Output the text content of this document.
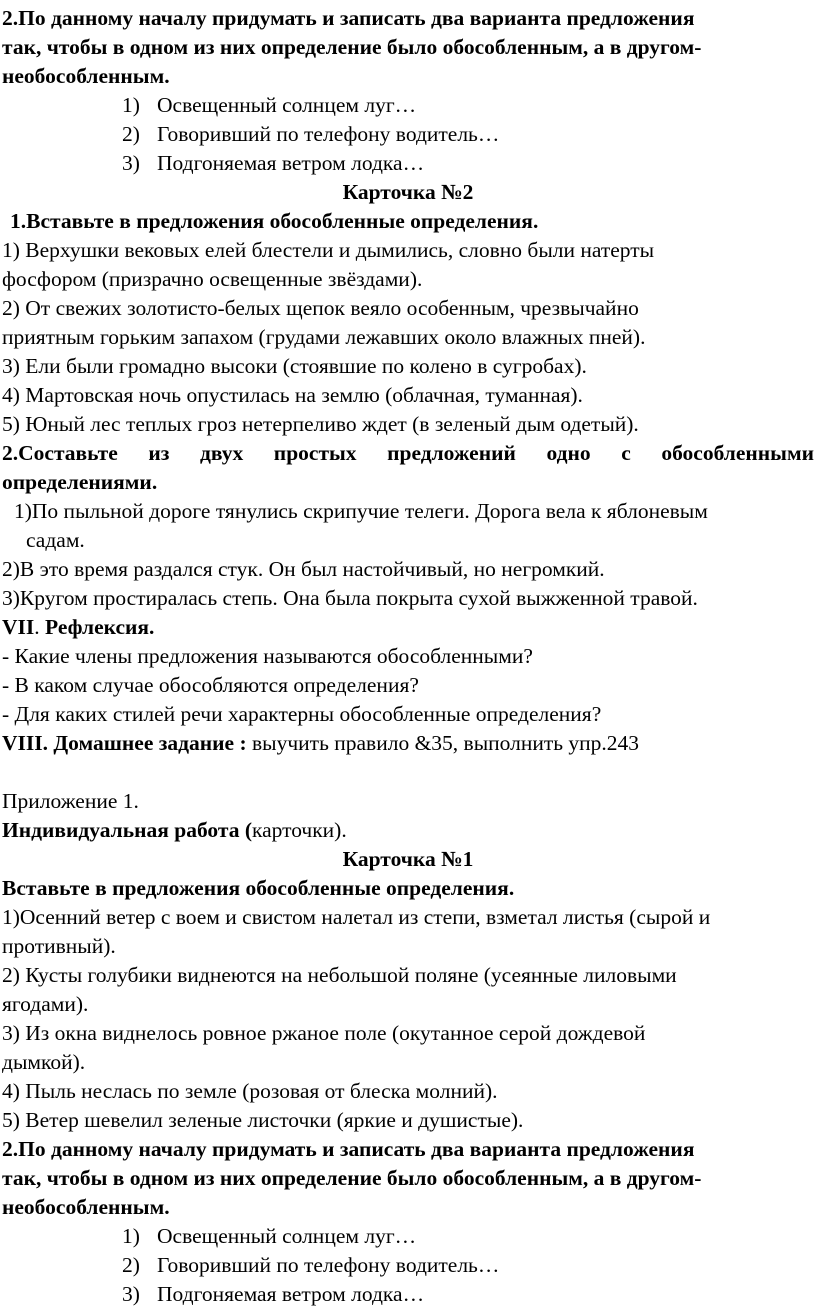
2.По данному началу придумать и записать два варианта предложения

так, чтобы в одном из них определение было обособленным, а в другом-

необособленным.

1) Освещенный солнцем луг…

2) Говоривший по телефону водитель…

3) Подгоняемая ветром лодка…

Карточка №2

1.Вставьте в предложения обособленные определения.

1) Верхушки вековых елей блестели и дымились, словно были натерты

фосфором (призрачно освещенные звёздами).

2) От свежих золотисто-белых щепок веяло особенным, чрезвычайно

приятным горьким запахом (грудами лежавших около влажных пней).

3) Ели были громадно высоки (стоявшие по колено в сугробах).

4) Мартовская ночь опустилась на землю (облачная, туманная).

5) Юный лес теплых гроз нетерпеливо ждет (в зеленый дым одетый).

2.Составьте из двух простых предложений одно с обособленными

определениями.

1)По пыльной дороге тянулись скрипучие телеги. Дорога вела к яблоневым

садам.

2)В это время раздался стук. Он был настойчивый, но негромкий.

3)Кругом простиралась степь. Она была покрыта сухой выжженной травой.

VII. Рефлексия.

- Какие члены предложения называются обособленными?

- В каком случае обособляются определения?

- Для каких стилей речи характерны обособленные определения?

VIII. Домашнее задание : выучить правило &35, выполнить упр.243

Приложение 1.

Индивидуальная работа (карточки).

Карточка №1

Вставьте в предложения обособленные определения.

1)Осенний ветер с воем и свистом налетал из степи, взметал листья (сырой и

противный).

2) Кусты голубики виднеются на небольшой поляне (усеянные лиловыми

ягодами).

3) Из окна виднелось ровное ржаное поле (окутанное серой дождевой

дымкой).

4) Пыль неслась по земле (розовая от блеска молний).

5) Ветер шевелил зеленые листочки (яркие и душистые).

2.По данному началу придумать и записать два варианта предложения

так, чтобы в одном из них определение было обособленным, а в другом-

необособленным.

1) Освещенный солнцем луг…

2) Говоривший по телефону водитель…

3) Подгоняемая ветром лодка…
